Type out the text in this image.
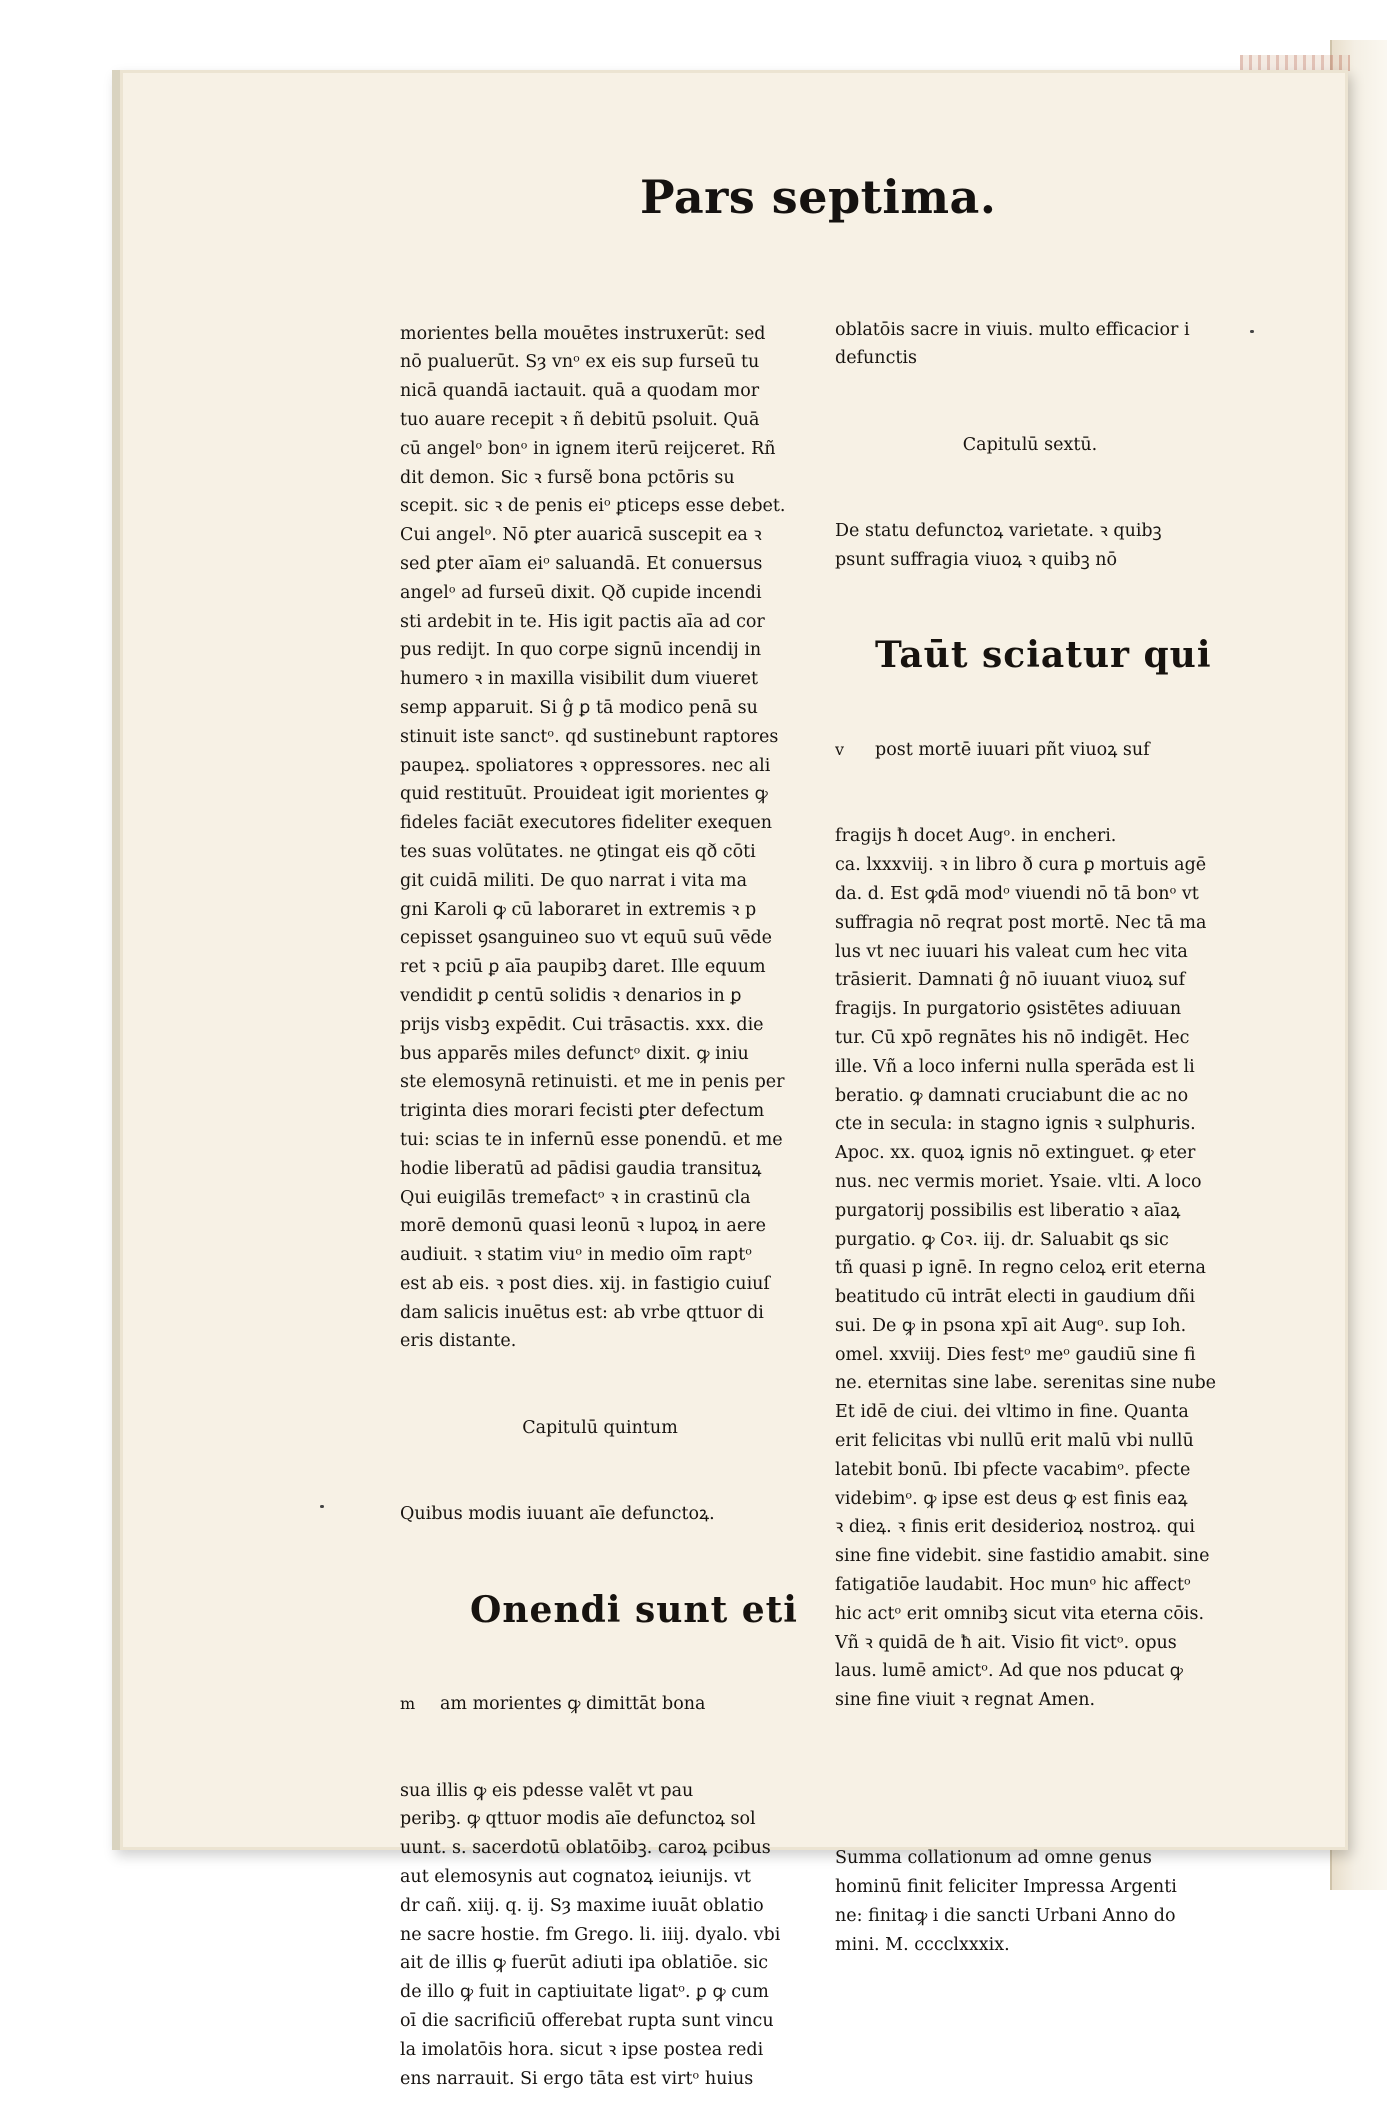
Pars septima.

morientes bella mouētes instruxerūt: sed
nō pualuerūt. Sȝ vnᵒ ex eis sup furseū tu
nicā quandā iactauit. quā a quodam mor
tuo auare recepit ꝛ ñ debitū psoluit. Quā
cū angelᵒ bonᵒ in ignem iterū reijceret. Rñ
dit demon. Sic ꝛ fursẽ bona pctōris su
scepit. sic ꝛ de penis eiᵒ ꝑticeps esse debet.
Cui angelᵒ. Nō ꝑter auaricā suscepit ea ꝛ
sed ꝑter aīam eiᵒ saluandā. Et conuersus
angelᵒ ad furseū dixit. Qð cupide incendi
sti ardebit in te. His igit pactis aīa ad cor
pus redijt. In quo corpe signū incendij in
humero ꝛ in maxilla visibilit dum viueret
semp apparuit. Si ĝ ꝑ tā modico penā su
stinuit iste sanctᵒ. qd sustinebunt raptores
paupeꝝ. spoliatores ꝛ oppressores. nec ali
quid restituūt. Prouideat igit morientes ꝙ
fideles faciāt executores fideliter exequen
tes suas volūtates. ne ꝯtingat eis qð cōti
git cuidā militi. De quo narrat i vita ma
gni Karoli ꝙ cū laboraret in extremis ꝛ p
cepisset ꝯsanguineo suo vt equū suū vēde
ret ꝛ pciū ꝑ aīa paupibꝫ daret. Ille equum
vendidit ꝑ centū solidis ꝛ denarios in ꝑ
prijs visbꝫ expēdit. Cui trāsactis. xxx. die
bus apparēs miles defunctᵒ dixit. ꝙ iniu
ste elemosynā retinuisti. et me in penis per
triginta dies morari fecisti ꝑter defectum
tui: scias te in infernū esse ponendū. et me
hodie liberatū ad pādisi gaudia transituꝝ
Qui euigilās tremefactᵒ ꝛ in crastinū cla
morē demonū quasi leonū ꝛ lupoꝝ in aere
audiuit. ꝛ statim viuᵒ in medio oīm raptᵒ
est ab eis. ꝛ post dies. xij. in fastigio cuiuſ
dam salicis inuētus est: ab vrbe qttuor di
eris distante.

Capitulū quintum

Quibus modis iuuant aīe defunctoꝝ.

Onendi sunt eti

m am morientes ꝙ dimittāt bona

sua illis ꝙ eis pdesse valēt vt pau
peribꝫ. ꝙ qttuor modis aīe defunctoꝝ sol
uunt. s. sacerdotū oblatōibꝫ. caroꝝ pcibus
aut elemosynis aut cognatoꝝ ieiunijs. vt
dr cañ. xiij. q. ij. Sȝ maxime iuuāt oblatio
ne sacre hostie. fm Grego. li. iiij. dyalo. vbi
ait de illis ꝙ fuerūt adiuti ipa oblatiōe. sic
de illo ꝙ fuit in captiuitate ligatᵒ. ꝑ ꝙ cum
oī die sacrificiū offerebat rupta sunt vincu
la imolatōis hora. sicut ꝛ ipse postea redi
ens narrauit. Si ergo tāta est virtᵒ huius

oblatōis sacre in viuis. multo efficacior i
defunctis

Capitulū sextū.

De statu defunctoꝝ varietate. ꝛ quibꝫ
psunt suffragia viuoꝝ ꝛ quibꝫ nō

Taūt sciatur qui

v post mortē iuuari pñt viuoꝝ suf

fragijs ħ docet Augᵒ. in encheri.
ca. lxxxviij. ꝛ in libro ð cura ꝑ mortuis agē
da. d. Est ꝙdā modᵒ viuendi nō tā bonᵒ vt
suffragia nō reqrat post mortē. Nec tā ma
lus vt nec iuuari his valeat cum hec vita
trāsierit. Damnati ĝ nō iuuant viuoꝝ suf
fragijs. In purgatorio ꝯsistētes adiuuan
tur. Cū xpō regnātes his nō indigēt. Hec
ille. Vñ a loco inferni nulla sperāda est li
beratio. ꝙ damnati cruciabunt die ac no
cte in secula: in stagno ignis ꝛ sulphuris.
Apoc. xx. quoꝝ ignis nō extinguet. ꝙ eter
nus. nec vermis moriet. Ysaie. vlti. A loco
purgatorij possibilis est liberatio ꝛ aīaꝝ
purgatio. ꝙ Coꝛ. iij. dr. Saluabit ꝗs sic
tñ quasi p ignē. In regno celoꝝ erit eterna
beatitudo cū intrāt electi in gaudium dñi
sui. De ꝙ in psona xpī ait Augᵒ. sup Ioh.
omel. xxviij. Dies festᵒ meᵒ gaudiū sine fi
ne. eternitas sine labe. serenitas sine nube
Et idē de ciui. dei vltimo in fine. Quanta
erit felicitas vbi nullū erit malū vbi nullū
latebit bonū. Ibi pfecte vacabimᵒ. pfecte
videbimᵒ. ꝙ ipse est deus ꝙ est finis eaꝝ
ꝛ dieꝝ. ꝛ finis erit desiderioꝝ nostroꝝ. qui
sine fine videbit. sine fastidio amabit. sine
fatigatiōe laudabit. Hoc munᵒ hic affectᵒ
hic actᵒ erit omnibꝫ sicut vita eterna cōis.
Vñ ꝛ quidā de ħ ait. Visio fit victᵒ. opus
laus. lumē amictᵒ. Ad que nos pducat ꝙ
sine fine viuit ꝛ regnat Amen.

Summa collationum ad omne genus
hominū finit feliciter Impressa Argenti
ne: finitaꝙ i die sancti Urbani Anno do
mini. M. cccclxxxix.
